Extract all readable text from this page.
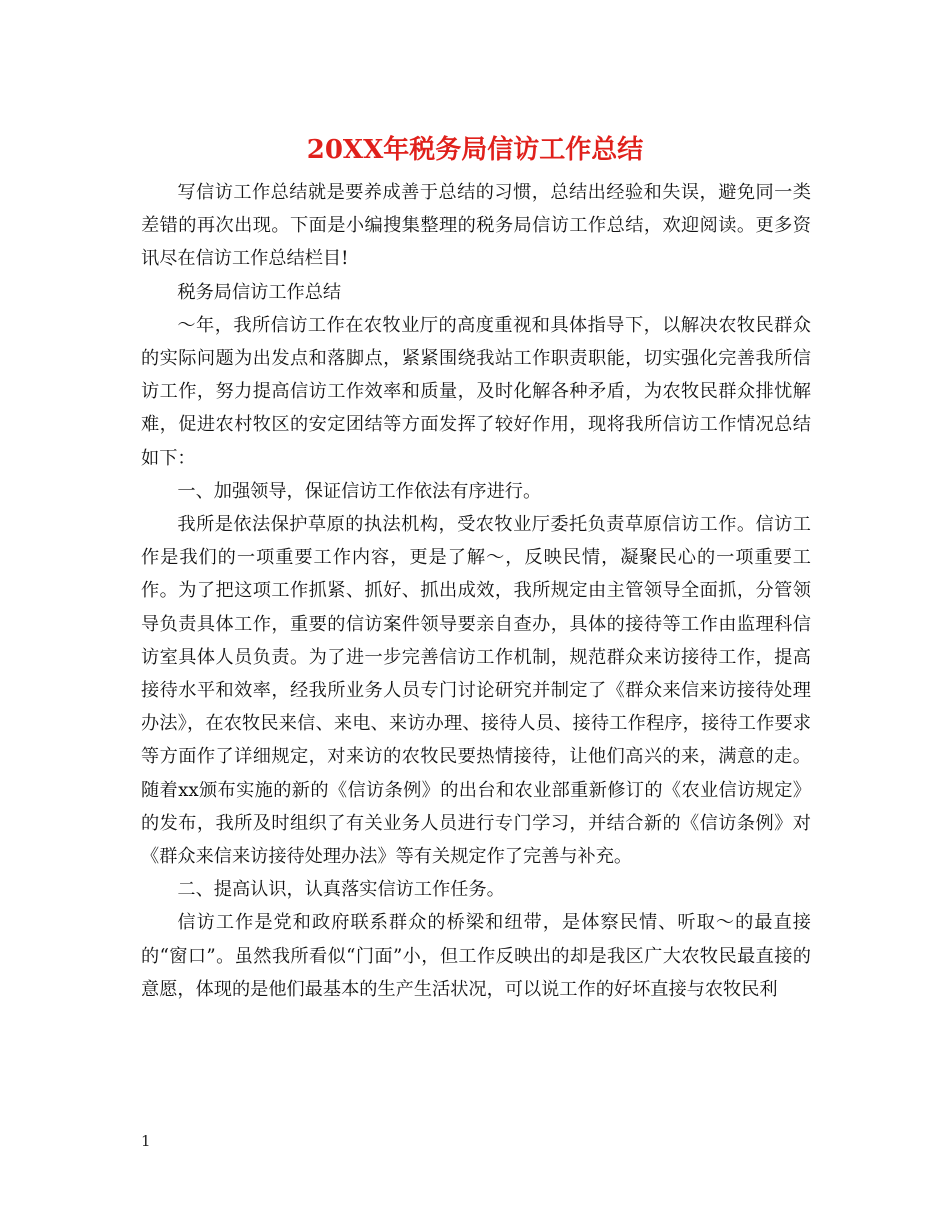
20XX年税务局信访工作总结

写信访工作总结就是要养成善于总结的习惯，总结出经验和失误，避免同一类差错的再次出现。下面是小编搜集整理的税务局信访工作总结，欢迎阅读。更多资讯尽在信访工作总结栏目!

税务局信访工作总结

～年，我所信访工作在农牧业厅的高度重视和具体指导下，以解决农牧民群众的实际问题为出发点和落脚点，紧紧围绕我站工作职责职能，切实强化完善我所信访工作，努力提高信访工作效率和质量，及时化解各种矛盾，为农牧民群众排忧解难，促进农村牧区的安定团结等方面发挥了较好作用，现将我所信访工作情况总结如下：

一、加强领导，保证信访工作依法有序进行。

我所是依法保护草原的执法机构，受农牧业厅委托负责草原信访工作。信访工作是我们的一项重要工作内容，更是了解～，反映民情，凝聚民心的一项重要工作。为了把这项工作抓紧、抓好、抓出成效，我所规定由主管领导全面抓，分管领导负责具体工作，重要的信访案件领导要亲自查办，具体的接待等工作由监理科信访室具体人员负责。为了进一步完善信访工作机制，规范群众来访接待工作，提高接待水平和效率，经我所业务人员专门讨论研究并制定了《群众来信来访接待处理办法》，在农牧民来信、来电、来访办理、接待人员、接待工作程序，接待工作要求等方面作了详细规定，对来访的农牧民要热情接待，让他们高兴的来，满意的走。随着xx颁布实施的新的《信访条例》的出台和农业部重新修订的《农业信访规定》的发布，我所及时组织了有关业务人员进行专门学习，并结合新的《信访条例》对《群众来信来访接待处理办法》等有关规定作了完善与补充。

二、提高认识，认真落实信访工作任务。

信访工作是党和政府联系群众的桥梁和纽带，是体察民情、听取～的最直接的“窗口”。虽然我所看似“门面”小，但工作反映出的却是我区广大农牧民最直接的意愿，体现的是他们最基本的生产生活状况，可以说工作的好坏直接与农牧民利

1
